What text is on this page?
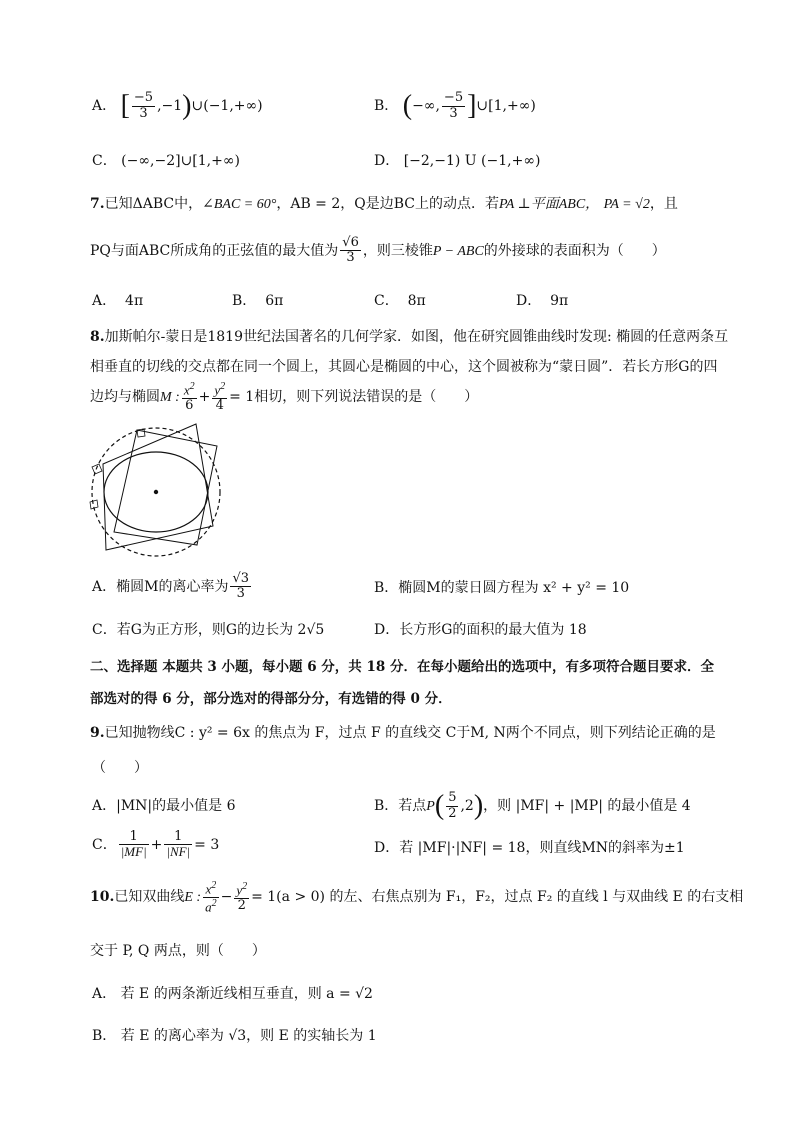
A． [ $\frac{-5}{3}$ ,−1)∪(−1,+∞)	B． (−∞, $\frac{-5}{3}$ ]∪[1,+∞)
C． (−∞,−2]∪[1,+∞)	D． [−2,−1) U (−1,+∞)
7.已知ΔABC中，∠BAC = 60°，AB = 2，Q是边BC上的动点．若PA ⊥平面ABC， PA = √2，且
PQ与面ABC所成角的正弦值的最大值为 $\frac{√6}{3}$ ，则三棱锥P − ABC的外接球的表面积为（　　）
A． 4π	B． 6π	C． 8π	D． 9π
8.加斯帕尔-蒙日是1819世纪法国著名的几何学家．如图，他在研究圆锥曲线时发现: 椭圆的任意两条互
相垂直的切线的交点都在同一个圆上，其圆心是椭圆的中心，这个圆被称为“蒙日圆”．若长方形G的四
边均与椭圆M : $\frac{x^2}{6} + \frac{y^2}{4} = 1$相切，则下列说法错误的是（　　）
A．椭圆M的离心率为 $\frac{√3}{3}$	B．椭圆M的蒙日圆方程为 x² + y² = 10
C．若G为正方形，则G的边长为 2√5	D．长方形G的面积的最大值为 18
二、选择题 本题共 3 小题，每小题 6 分，共 18 分．在每小题给出的选项中，有多项符合题目要求．全
部选对的得 6 分，部分选对的得部分分，有选错的得 0 分．
9.已知抛物线C : y² = 6x 的焦点为 F，过点 F 的直线交 C于M, N两个不同点，则下列结论正确的是
（　　）
A．|MN|的最小值是 6	B．若点$P( \frac{5}{2} ,2)$，则 |MF| + |MP| 的最小值是 4
C． $\frac{1}{|MF|} + \frac{1}{|NF|} = 3$	D．若 |MF|·|NF| = 18，则直线MN的斜率为±1
10.已知双曲线E : $\frac{x^2}{a^2} - \frac{y^2}{2} = 1(a > 0)$ 的左、右焦点别为 F₁，F₂，过点 F₂ 的直线 l 与双曲线 E 的右支相
交于 P, Q 两点，则（　　）
A． 若 E 的两条渐近线相互垂直，则 a = √2
B． 若 E 的离心率为 √3，则 E 的实轴长为 1
